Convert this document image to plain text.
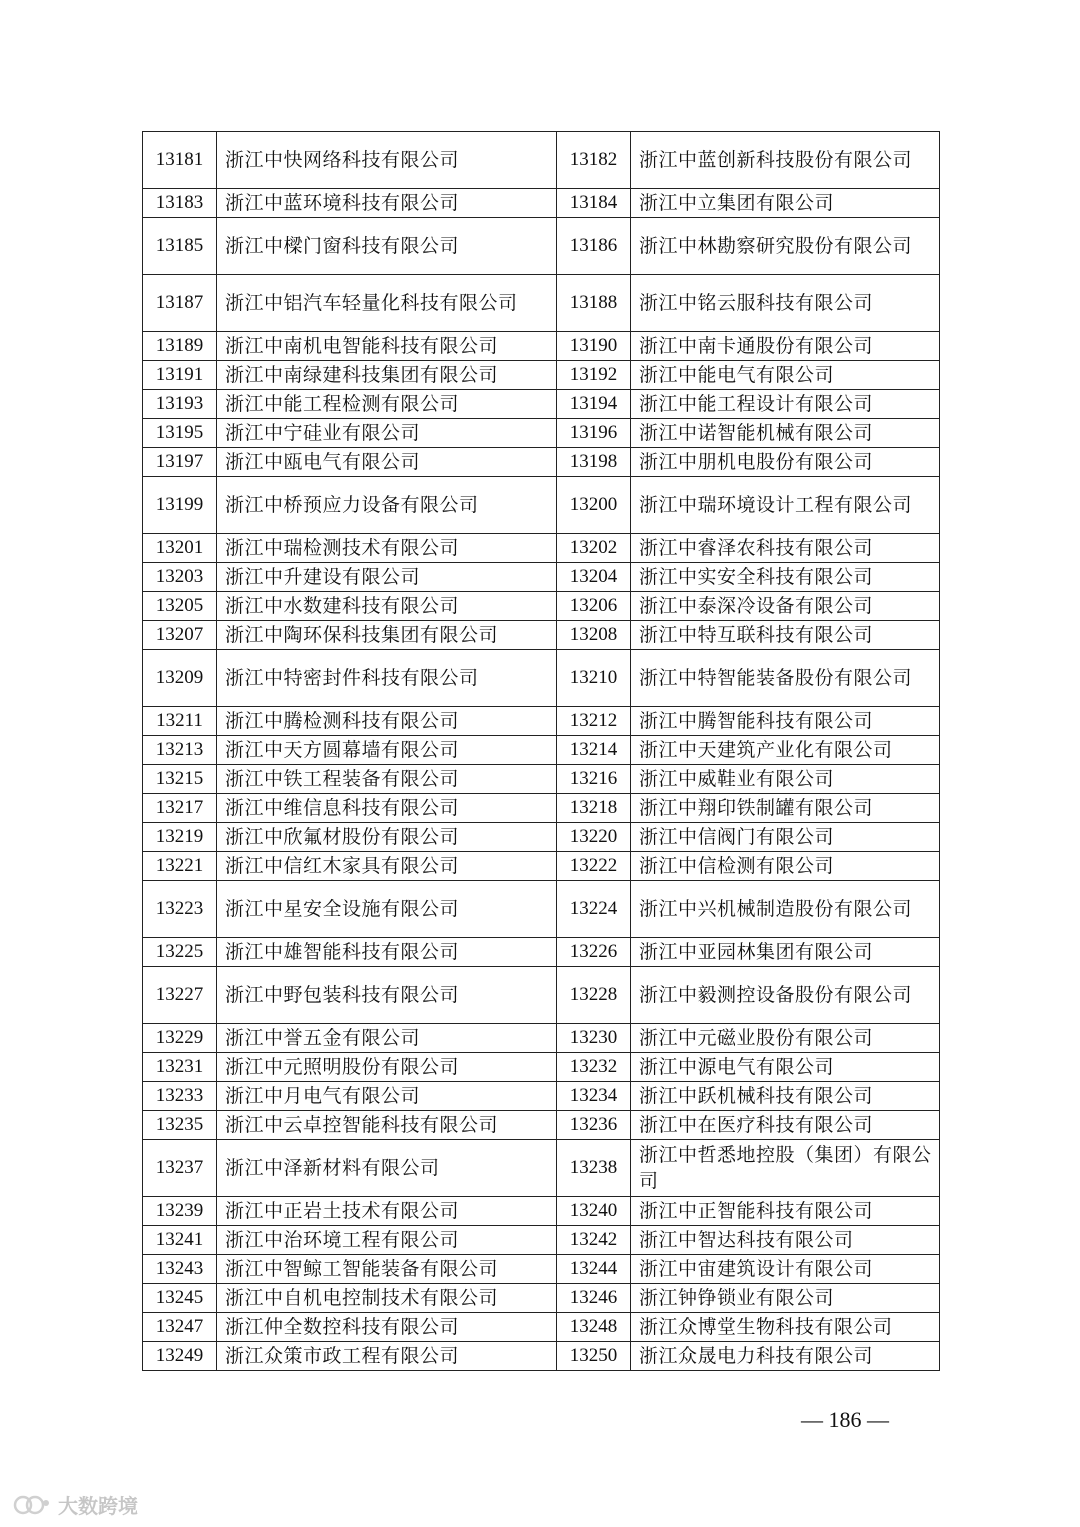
13181	浙江中快网络科技有限公司	13182	浙江中蓝创新科技股份有限公司
13183	浙江中蓝环境科技有限公司	13184	浙江中立集团有限公司
13185	浙江中樑门窗科技有限公司	13186	浙江中林勘察研究股份有限公司
13187	浙江中铝汽车轻量化科技有限公司	13188	浙江中铭云服科技有限公司
13189	浙江中南机电智能科技有限公司	13190	浙江中南卡通股份有限公司
13191	浙江中南绿建科技集团有限公司	13192	浙江中能电气有限公司
13193	浙江中能工程检测有限公司	13194	浙江中能工程设计有限公司
13195	浙江中宁硅业有限公司	13196	浙江中诺智能机械有限公司
13197	浙江中瓯电气有限公司	13198	浙江中朋机电股份有限公司
13199	浙江中桥预应力设备有限公司	13200	浙江中瑞环境设计工程有限公司
13201	浙江中瑞检测技术有限公司	13202	浙江中睿泽农科技有限公司
13203	浙江中升建设有限公司	13204	浙江中实安全科技有限公司
13205	浙江中水数建科技有限公司	13206	浙江中泰深冷设备有限公司
13207	浙江中陶环保科技集团有限公司	13208	浙江中特互联科技有限公司
13209	浙江中特密封件科技有限公司	13210	浙江中特智能装备股份有限公司
13211	浙江中腾检测科技有限公司	13212	浙江中腾智能科技有限公司
13213	浙江中天方圆幕墙有限公司	13214	浙江中天建筑产业化有限公司
13215	浙江中铁工程装备有限公司	13216	浙江中威鞋业有限公司
13217	浙江中维信息科技有限公司	13218	浙江中翔印铁制罐有限公司
13219	浙江中欣氟材股份有限公司	13220	浙江中信阀门有限公司
13221	浙江中信红木家具有限公司	13222	浙江中信检测有限公司
13223	浙江中星安全设施有限公司	13224	浙江中兴机械制造股份有限公司
13225	浙江中雄智能科技有限公司	13226	浙江中亚园林集团有限公司
13227	浙江中野包装科技有限公司	13228	浙江中毅测控设备股份有限公司
13229	浙江中誉五金有限公司	13230	浙江中元磁业股份有限公司
13231	浙江中元照明股份有限公司	13232	浙江中源电气有限公司
13233	浙江中月电气有限公司	13234	浙江中跃机械科技有限公司
13235	浙江中云卓控智能科技有限公司	13236	浙江中在医疗科技有限公司
13237	浙江中泽新材料有限公司	13238	浙江中哲悉地控股（集团）有限公司
13239	浙江中正岩土技术有限公司	13240	浙江中正智能科技有限公司
13241	浙江中治环境工程有限公司	13242	浙江中智达科技有限公司
13243	浙江中智鲸工智能装备有限公司	13244	浙江中宙建筑设计有限公司
13245	浙江中自机电控制技术有限公司	13246	浙江钟铮锁业有限公司
13247	浙江仲全数控科技有限公司	13248	浙江众博堂生物科技有限公司
13249	浙江众策市政工程有限公司	13250	浙江众晟电力科技有限公司
— 186 —
大数跨境
